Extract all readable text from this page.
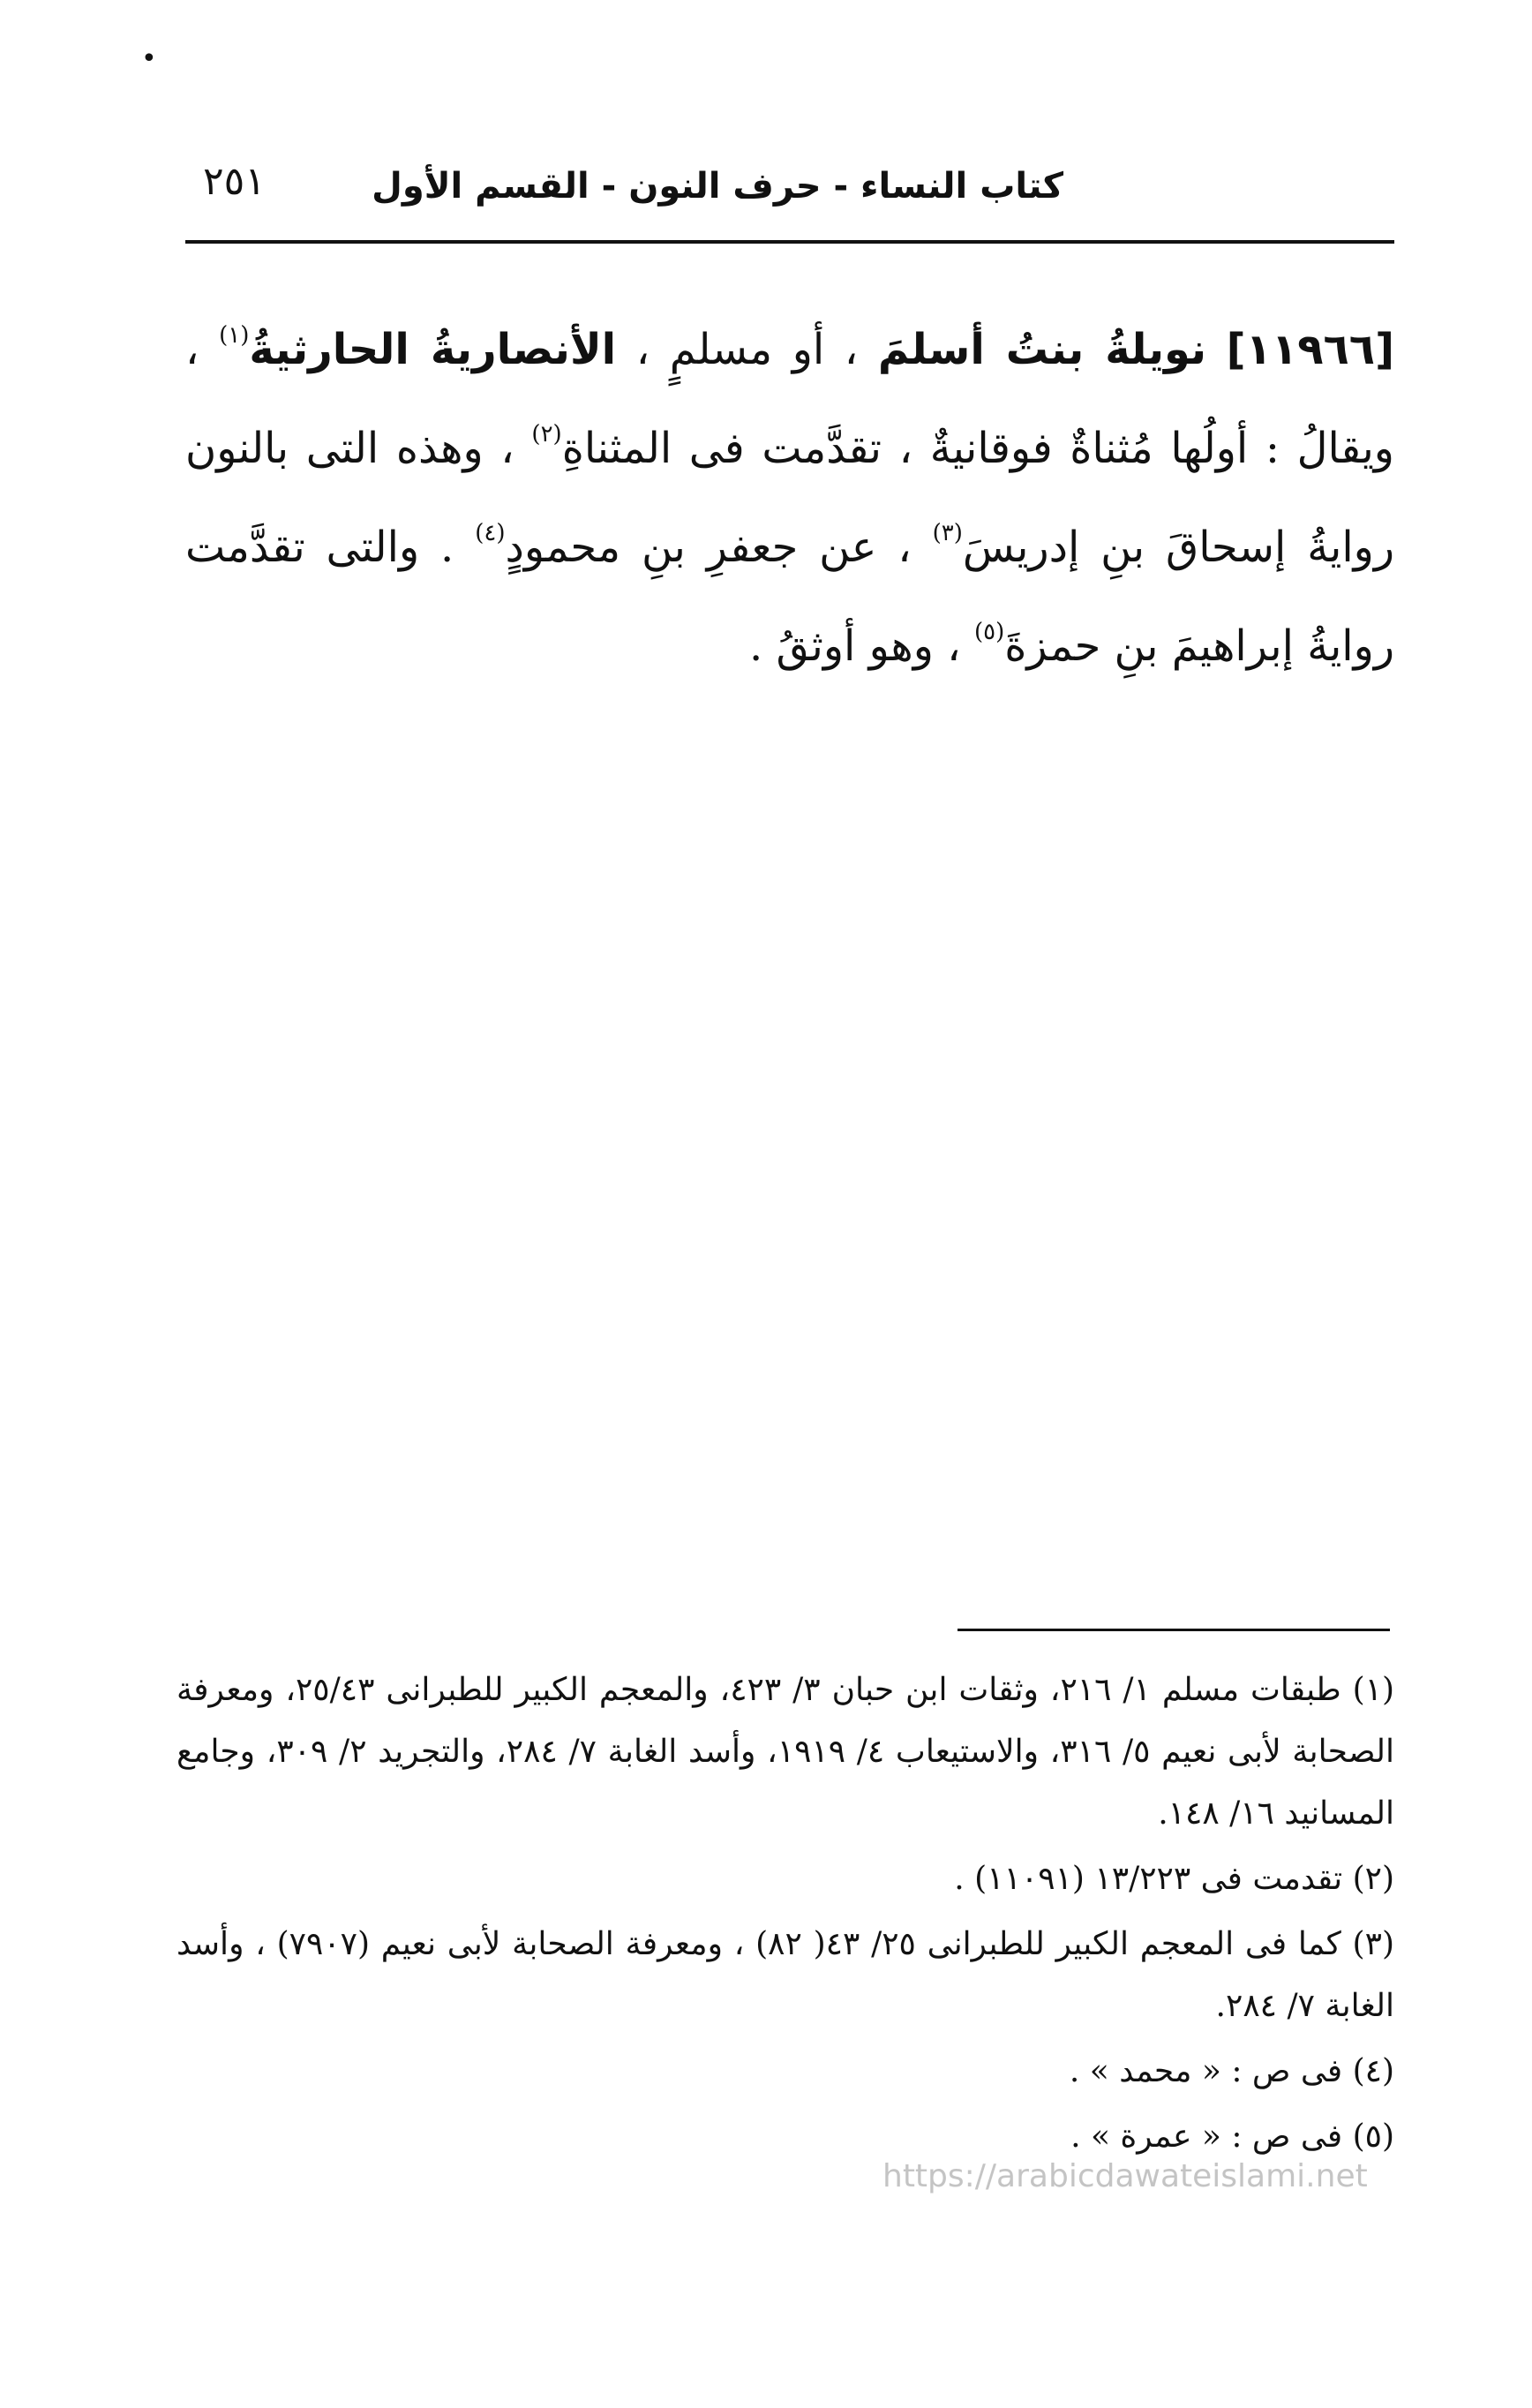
•
كتاب النساء - حرف النون - القسم الأول
٢٥١
[١١٩٦٦] نويلةُ بنتُ أسلمَ ، أو مسلمٍ ، الأنصاريةُ الحارثيةُ$^{(١)}$ ، ويقالُ : أولُها مُثناةٌ فوقانيةٌ ، تقدَّمت فى المثناةِ$^{(٢)}$ ، وهذه التى بالنون روايةُ إسحاقَ بنِ إدريسَ$^{(٣)}$ ، عن جعفرِ بنِ محمودٍ$^{(٤)}$ . والتى تقدَّمت روايةُ إبراهيمَ بنِ حمزةَ$^{(٥)}$ ، وهو أوثقُ .
(١) طبقات مسلم ١/ ٢١٦، وثقات ابن حبان ٣/ ٤٢٣، والمعجم الكبير للطبرانى ٢٥/٤٣، ومعرفة الصحابة لأبى نعيم ٥/ ٣١٦، والاستيعاب ٤/ ١٩١٩، وأسد الغابة ٧/ ٢٨٤، والتجريد ٢/ ٣٠٩، وجامع المسانيد ١٦/ ١٤٨.
(٢) تقدمت فى ١٣/٢٢٣ (١١٠٩١) .
(٣) كما فى المعجم الكبير للطبرانى ٢٥/ ٤٣( ٨٢) ، ومعرفة الصحابة لأبى نعيم (٧٩٠٧) ، وأسد الغابة ٧/ ٢٨٤.
(٤) فى ص : « محمد » .
(٥) فى ص : « عمرة » .
https://arabicdawateislami.net
